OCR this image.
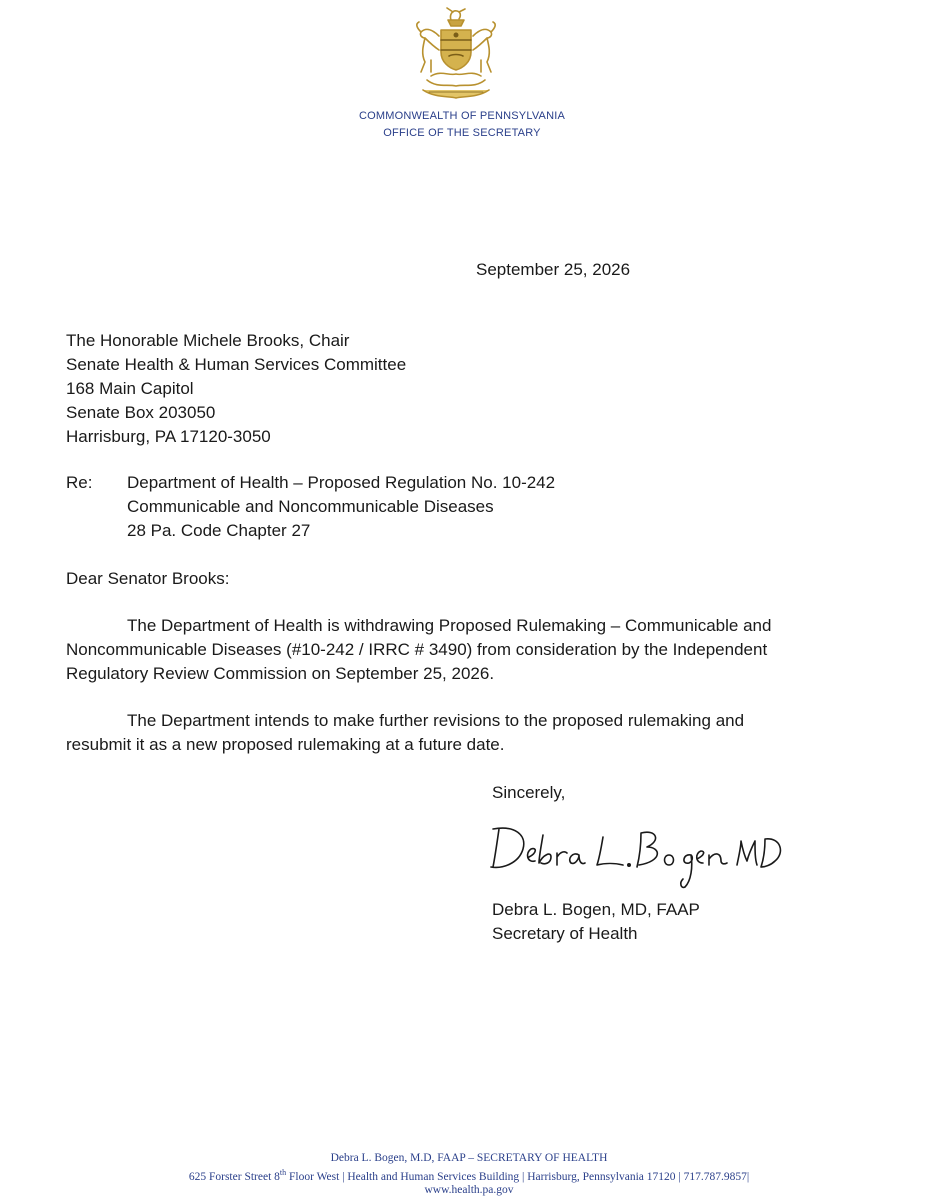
COMMONWEALTH OF PENNSYLVANIA
OFFICE OF THE SECRETARY
September 25, 2026
The Honorable Michele Brooks, Chair
Senate Health & Human Services Committee
168 Main Capitol
Senate Box 203050
Harrisburg, PA 17120-3050
Re: Department of Health – Proposed Regulation No. 10-242
Communicable and Noncommunicable Diseases
28 Pa. Code Chapter 27
Dear Senator Brooks:
The Department of Health is withdrawing Proposed Rulemaking – Communicable and
Noncommunicable Diseases (#10-242 / IRRC # 3490) from consideration by the Independent
Regulatory Review Commission on September 25, 2026.
The Department intends to make further revisions to the proposed rulemaking and
resubmit it as a new proposed rulemaking at a future date.
Sincerely,
Debra L. Bogen, MD, FAAP
Secretary of Health
Debra L. Bogen, M.D, FAAP – SECRETARY OF HEALTH
625 Forster Street 8th Floor West | Health and Human Services Building | Harrisburg, Pennsylvania 17120 | 717.787.9857|
www.health.pa.gov
